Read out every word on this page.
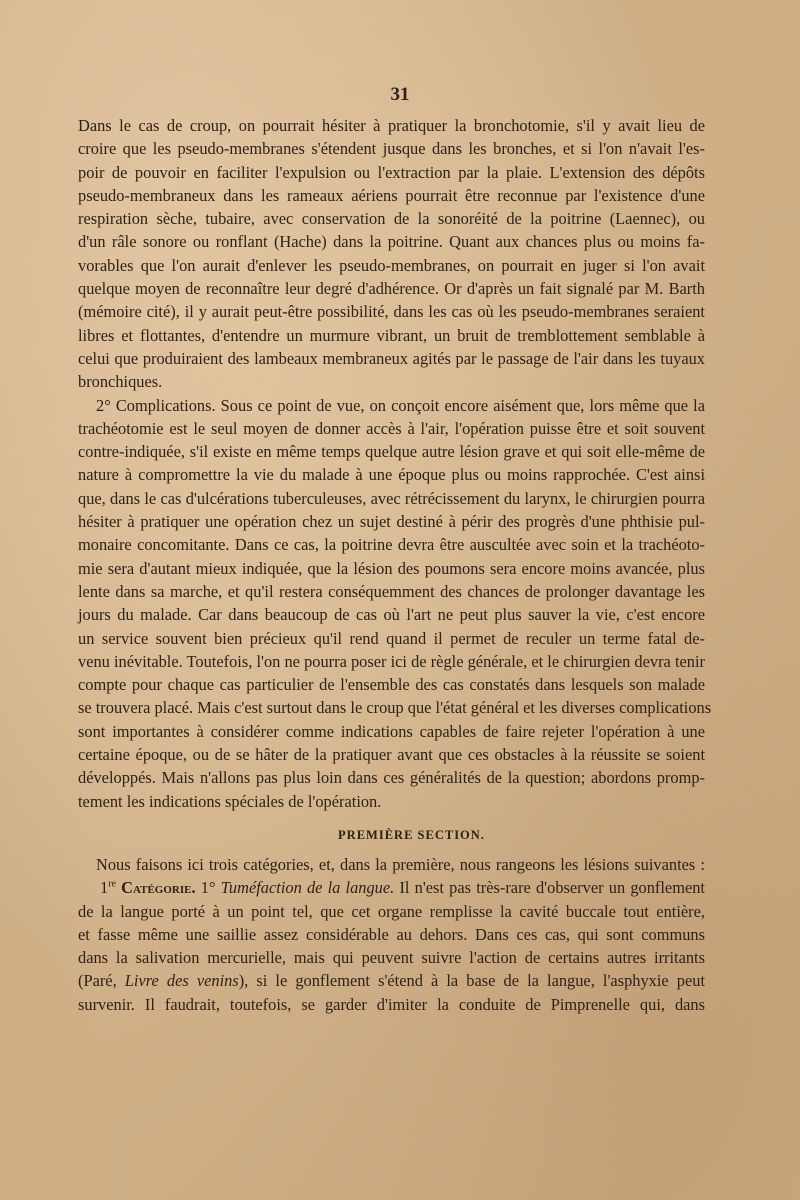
31
Dans le cas de croup, on pourrait hésiter à pratiquer la bronchotomie, s'il y avait lieu de
croire que les pseudo-membranes s'étendent jusque dans les bronches, et si l'on n'avait l'es-
poir de pouvoir en faciliter l'expulsion ou l'extraction par la plaie. L'extension des dépôts
pseudo-membraneux dans les rameaux aériens pourrait être reconnue par l'existence d'une
respiration sèche, tubaire, avec conservation de la sonoréité de la poitrine (Laennec), ou
d'un râle sonore ou ronflant (Hache) dans la poitrine. Quant aux chances plus ou moins fa-
vorables que l'on aurait d'enlever les pseudo-membranes, on pourrait en juger si l'on avait
quelque moyen de reconnaître leur degré d'adhérence. Or d'après un fait signalé par M. Barth
(mémoire cité), il y aurait peut-être possibilité, dans les cas où les pseudo-membranes seraient
libres et flottantes, d'entendre un murmure vibrant, un bruit de tremblottement semblable à
celui que produiraient des lambeaux membraneux agités par le passage de l'air dans les tuyaux
bronchiques.
2° Complications. Sous ce point de vue, on conçoit encore aisément que, lors même que la
trachéotomie est le seul moyen de donner accès à l'air, l'opération puisse être et soit souvent
contre-indiquée, s'il existe en même temps quelque autre lésion grave et qui soit elle-même de
nature à compromettre la vie du malade à une époque plus ou moins rapprochée. C'est ainsi
que, dans le cas d'ulcérations tuberculeuses, avec rétrécissement du larynx, le chirurgien pourra
hésiter à pratiquer une opération chez un sujet destiné à périr des progrès d'une phthisie pul-
monaire concomitante. Dans ce cas, la poitrine devra être auscultée avec soin et la trachéoto-
mie sera d'autant mieux indiquée, que la lésion des poumons sera encore moins avancée, plus
lente dans sa marche, et qu'il restera conséquemment des chances de prolonger davantage les
jours du malade. Car dans beaucoup de cas où l'art ne peut plus sauver la vie, c'est encore
un service souvent bien précieux qu'il rend quand il permet de reculer un terme fatal de-
venu inévitable. Toutefois, l'on ne pourra poser ici de règle générale, et le chirurgien devra tenir
compte pour chaque cas particulier de l'ensemble des cas constatés dans lesquels son malade
se trouvera placé. Mais c'est surtout dans le croup que l'état général et les diverses complications
sont importantes à considérer comme indications capables de faire rejeter l'opération à une
certaine époque, ou de se hâter de la pratiquer avant que ces obstacles à la réussite se soient
développés. Mais n'allons pas plus loin dans ces généralités de la question; abordons promp-
tement les indications spéciales de l'opération.
PREMIÈRE SECTION.
Nous faisons ici trois catégories, et, dans la première, nous rangeons les lésions suivantes :
1re Catégorie. 1° Tuméfaction de la langue. Il n'est pas très-rare d'observer un gonflement
de la langue porté à un point tel, que cet organe remplisse la cavité buccale tout entière,
et fasse même une saillie assez considérable au dehors. Dans ces cas, qui sont communs
dans la salivation mercurielle, mais qui peuvent suivre l'action de certains autres irritants
(Paré, Livre des venins), si le gonflement s'étend à la base de la langue, l'asphyxie peut
survenir. Il faudrait, toutefois, se garder d'imiter la conduite de Pimprenelle qui, dans
